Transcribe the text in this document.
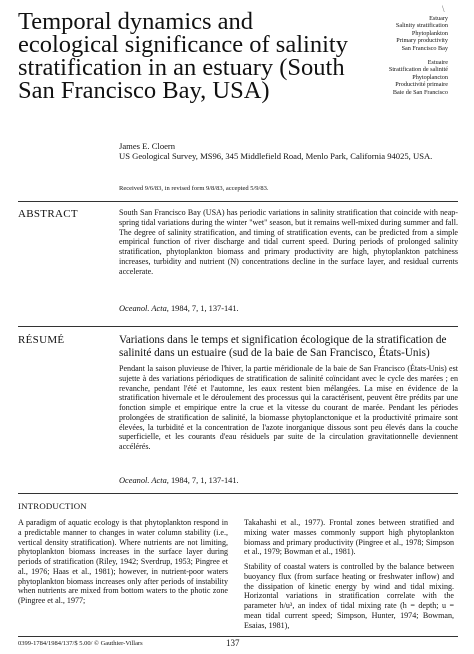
\
Temporal dynamics and ecological significance of salinity stratification in an estuary (South San Francisco Bay, USA)
Estuary
Salinity stratification
Phytoplankton
Primary productivity
San Francisco Bay
Estuaire
Stratification de salinité
Phytoplancton
Productivité primaire
Baie de San Francisco

James E. Cloern

US Geological Survey, MS96, 345 Middlefield Road, Menlo Park, California 94025, USA.

Received 9/6/83, in revised form 9/8/83, accepted 5/9/83.
ABSTRACT	South San Francisco Bay (USA) has periodic variations in salinity stratification that coincide with neap-spring tidal variations during the winter "wet" season, but it remains well-mixed during summer and fall. The degree of salinity stratification, and timing of stratification events, can be predicted from a simple empirical function of river discharge and tidal current speed. During periods of prolonged salinity stratification, phytoplankton biomass and primary productivity are high, phytoplankton patchiness increases, turbidity and nutrient (N) concentrations decline in the surface layer, and residual currents accelerate.

Oceanol. Acta, 1984, 7, 1, 137-141.
RÉSUMÉ	Variations dans le temps et signification écologique de la stratification de salinité dans un estuaire (sud de la baie de San Francisco, États-Unis)

Pendant la saison pluvieuse de l'hiver, la partie méridionale de la baie de San Francisco (États-Unis) est sujette à des variations périodiques de stratification de salinité coïncidant avec le cycle des marées ; en revanche, pendant l'été et l'automne, les eaux restent bien mélangées. La mise en évidence de la stratification hivernale et le déroulement des processus qui la caractérisent, peuvent être prédits par une fonction simple et empirique entre la crue et la vitesse du courant de marée. Pendant les périodes prolongées de stratification de salinité, la biomasse phytoplanctonique et la productivité primaire sont élevées, la turbidité et la concentration de l'azote inorganique dissous sont peu élevés dans la couche superficielle, et les courants d'eau résiduels par suite de la circulation gravitationnelle deviennent accélérés.

Oceanol. Acta, 1984, 7, 1, 137-141.
INTRODUCTION

A paradigm of aquatic ecology is that phytoplankton respond in a predictable manner to changes in water column stability (i.e., vertical density stratification). Where nutrients are not limiting, phytoplankton biomass increases in the surface layer during periods of stratification (Riley, 1942; Sverdrup, 1953; Pingree et al., 1976; Haas et al., 1981); however, in nutrient-poor waters phytoplankton biomass increases only after periods of instability when nutrients are mixed from bottom waters to the photic zone (Pingree et al., 1977;

Takahashi et al., 1977). Frontal zones between stratified and mixing water masses commonly support high phytoplankton biomass and primary productivity (Pingree et al., 1978; Simpson et al., 1979; Bowman et al., 1981).

Stability of coastal waters is controlled by the balance between buoyancy flux (from surface heating or freshwater inflow) and the dissipation of kinetic energy by wind and tidal mixing. Horizontal variations in stratification correlate with the parameter h/u³, an index of tidal mixing rate (h = depth; u = mean tidal current speed; Simpson, Hunter, 1974; Bowman, Esaias, 1981),

0399-1784/1984/137/$ 5.00/ © Gauthier-Villars	137
